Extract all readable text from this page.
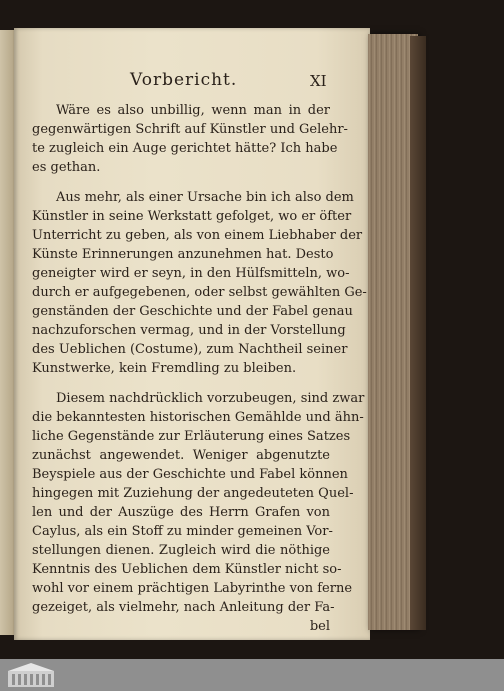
Vorbericht.	XI
Wäre es also unbillig, wenn man in der
gegenwärtigen Schrift auf Künstler und Gelehr-
te zugleich ein Auge gerichtet hätte? Ich habe
es gethan.
Aus mehr, als einer Ursache bin ich also dem
Künstler in seine Werkstatt gefolget, wo er öfter
Unterricht zu geben, als von einem Liebhaber der
Künste Erinnerungen anzunehmen hat. Desto
geneigter wird er seyn, in den Hülfsmitteln, wo-
durch er aufgegebenen, oder selbst gewählten Ge-
genständen der Geschichte und der Fabel genau
nachzuforschen vermag, und in der Vorstellung
des Ueblichen (Costume), zum Nachtheil seiner
Kunstwerke, kein Fremdling zu bleiben.
Diesem nachdrücklich vorzubeugen, sind zwar
die bekanntesten historischen Gemählde und ähn-
liche Gegenstände zur Erläuterung eines Satzes
zunächst angewendet. Weniger abgenutzte
Beyspiele aus der Geschichte und Fabel können
hingegen mit Zuziehung der angedeuteten Quel-
len und der Auszüge des Herrn Grafen von
Caylus, als ein Stoff zu minder gemeinen Vor-
stellungen dienen. Zugleich wird die nöthige
Kenntnis des Ueblichen dem Künstler nicht so-
wohl vor einem prächtigen Labyrinthe von ferne
gezeiget, als vielmehr, nach Anleitung der Fa-
bel
